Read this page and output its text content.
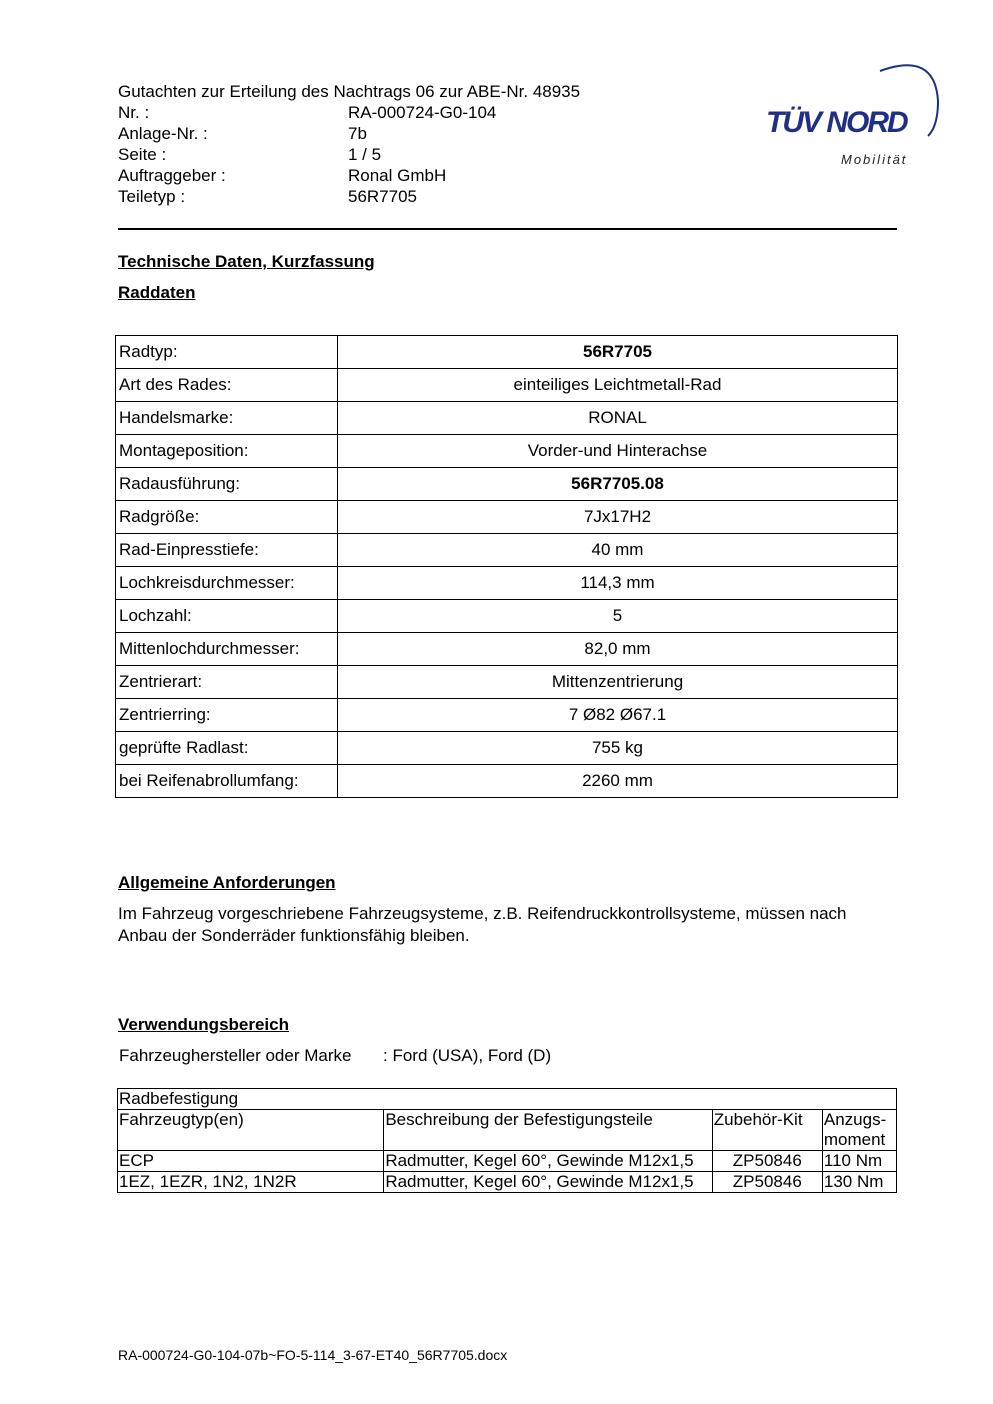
Gutachten zur Erteilung des Nachtrags 06 zur ABE-Nr. 48935
Nr. :	RA-000724-G0-104
Anlage-Nr. :	7b
Seite :	1 / 5
Auftraggeber :	Ronal GmbH
Teiletyp :	56R7705
TÜV NORD
Mobilität
Technische Daten, Kurzfassung
Raddaten
Radtyp:	56R7705
Art des Rades:	einteiliges Leichtmetall-Rad
Handelsmarke:	RONAL
Montageposition:	Vorder-und Hinterachse
Radausführung:	56R7705.08
Radgröße:	7Jx17H2
Rad-Einpresstiefe:	40 mm
Lochkreisdurchmesser:	114,3 mm
Lochzahl:	5
Mittenlochdurchmesser:	82,0 mm
Zentrierart:	Mittenzentrierung
Zentrierring:	7 Ø82 Ø67.1
geprüfte Radlast:	755 kg
bei Reifenabrollumfang:	2260 mm
Allgemeine Anforderungen
Im Fahrzeug vorgeschriebene Fahrzeugsysteme, z.B. Reifendruckkontrollsysteme, müssen nach Anbau der Sonderräder funktionsfähig bleiben.
Verwendungsbereich
Fahrzeughersteller oder Marke	: Ford (USA), Ford (D)
Radbefestigung			
Fahrzeugtyp(en)	Beschreibung der Befestigungsteile	Zubehör-Kit	Anzugs-moment
ECP	Radmutter, Kegel 60°, Gewinde M12x1,5	ZP50846	110 Nm
1EZ, 1EZR, 1N2, 1N2R	Radmutter, Kegel 60°, Gewinde M12x1,5	ZP50846	130 Nm
RA-000724-G0-104-07b~FO-5-114_3-67-ET40_56R7705.docx
